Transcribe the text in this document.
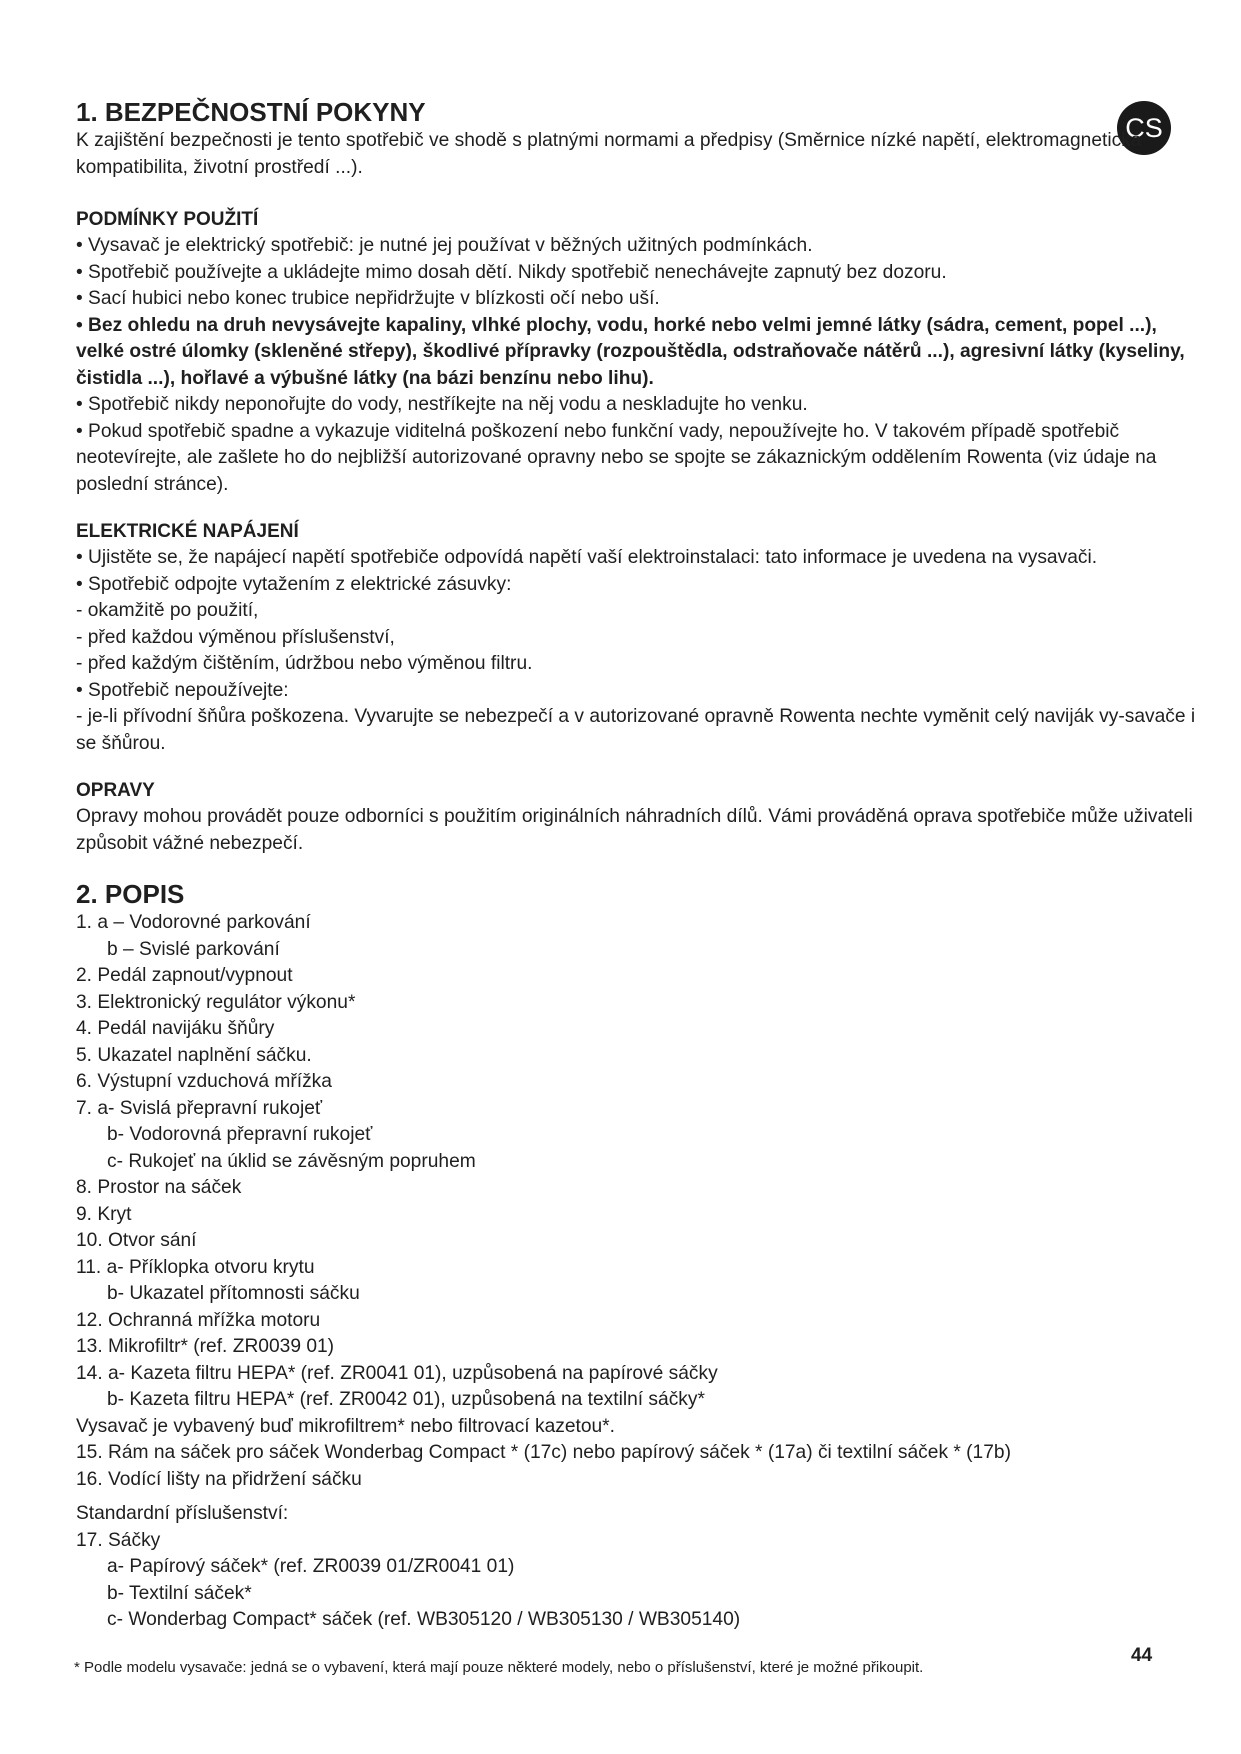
CS
1. BEZPEČNOSTNÍ POKYNY

K zajištění bezpečnosti je tento spotřebič ve shodě s platnými normami a předpisy (Směrnice nízké napětí, elektromagnetická kompatibilita, životní prostředí ...).

PODMÍNKY POUŽITÍ

• Vysavač je elektrický spotřebič: je nutné jej používat v běžných užitných podmínkách.

• Spotřebič používejte a ukládejte mimo dosah dětí. Nikdy spotřebič nenechávejte zapnutý bez dozoru.

• Sací hubici nebo konec trubice nepřidržujte v blízkosti očí nebo uší.

• Bez ohledu na druh nevysávejte kapaliny, vlhké plochy, vodu, horké nebo velmi jemné látky (sádra, cement, popel ...), velké ostré úlomky (skleněné střepy), škodlivé přípravky (rozpouštědla, odstraňovače nátěrů ...), agresivní látky (kyseliny, čistidla ...), hořlavé a výbušné látky (na bázi benzínu nebo lihu).

• Spotřebič nikdy neponořujte do vody, nestříkejte na něj vodu a neskladujte ho venku.

• Pokud spotřebič spadne a vykazuje viditelná poškození nebo funkční vady, nepoužívejte ho. V takovém případě spotřebič neotevírejte, ale zašlete ho do nejbližší autorizované opravny nebo se spojte se zákaznickým oddělením Rowenta (viz údaje na poslední stránce).

ELEKTRICKÉ NAPÁJENÍ

• Ujistěte se, že napájecí napětí spotřebiče odpovídá napětí vaší elektroinstalaci: tato informace je uvedena na vysavači.

• Spotřebič odpojte vytažením z elektrické zásuvky:

- okamžitě po použití,

- před každou výměnou příslušenství,

- před každým čištěním, údržbou nebo výměnou filtru.

• Spotřebič nepoužívejte:

- je-li přívodní šňůra poškozena. Vyvarujte se nebezpečí a v autorizované opravně Rowenta nechte vyměnit celý naviják vy-savače i se šňůrou.

OPRAVY

Opravy mohou provádět pouze odborníci s použitím originálních náhradních dílů. Vámi prováděná oprava spotřebiče může uživateli způsobit vážné nebezpečí.

2. POPIS

1. a – Vodorovné parkování

b – Svislé parkování

2. Pedál zapnout/vypnout

3. Elektronický regulátor výkonu*

4. Pedál navijáku šňůry

5. Ukazatel naplnění sáčku.

6. Výstupní vzduchová mřížka

7. a- Svislá přepravní rukojeť

b- Vodorovná přepravní rukojeť

c- Rukojeť na úklid se závěsným popruhem

8. Prostor na sáček

9. Kryt

10. Otvor sání

11. a- Příklopka otvoru krytu

b- Ukazatel přítomnosti sáčku

12. Ochranná mřížka motoru

13. Mikrofiltr* (ref. ZR0039 01)

14. a- Kazeta filtru HEPA* (ref. ZR0041 01), uzpůsobená na papírové sáčky

b- Kazeta filtru HEPA* (ref. ZR0042 01), uzpůsobená na textilní sáčky*

Vysavač je vybavený buď mikrofiltrem* nebo filtrovací kazetou*.

15. Rám na sáček pro sáček Wonderbag Compact * (17c) nebo papírový sáček * (17a) či textilní sáček * (17b)

16. Vodící lišty na přidržení sáčku

Standardní příslušenství:

17. Sáčky

a- Papírový sáček* (ref. ZR0039 01/ZR0041 01)

b- Textilní sáček*

c- Wonderbag Compact* sáček (ref. WB305120 / WB305130 / WB305140)

44
* Podle modelu vysavače: jedná se o vybavení, která mají pouze některé modely, nebo o příslušenství, které je možné přikoupit.
